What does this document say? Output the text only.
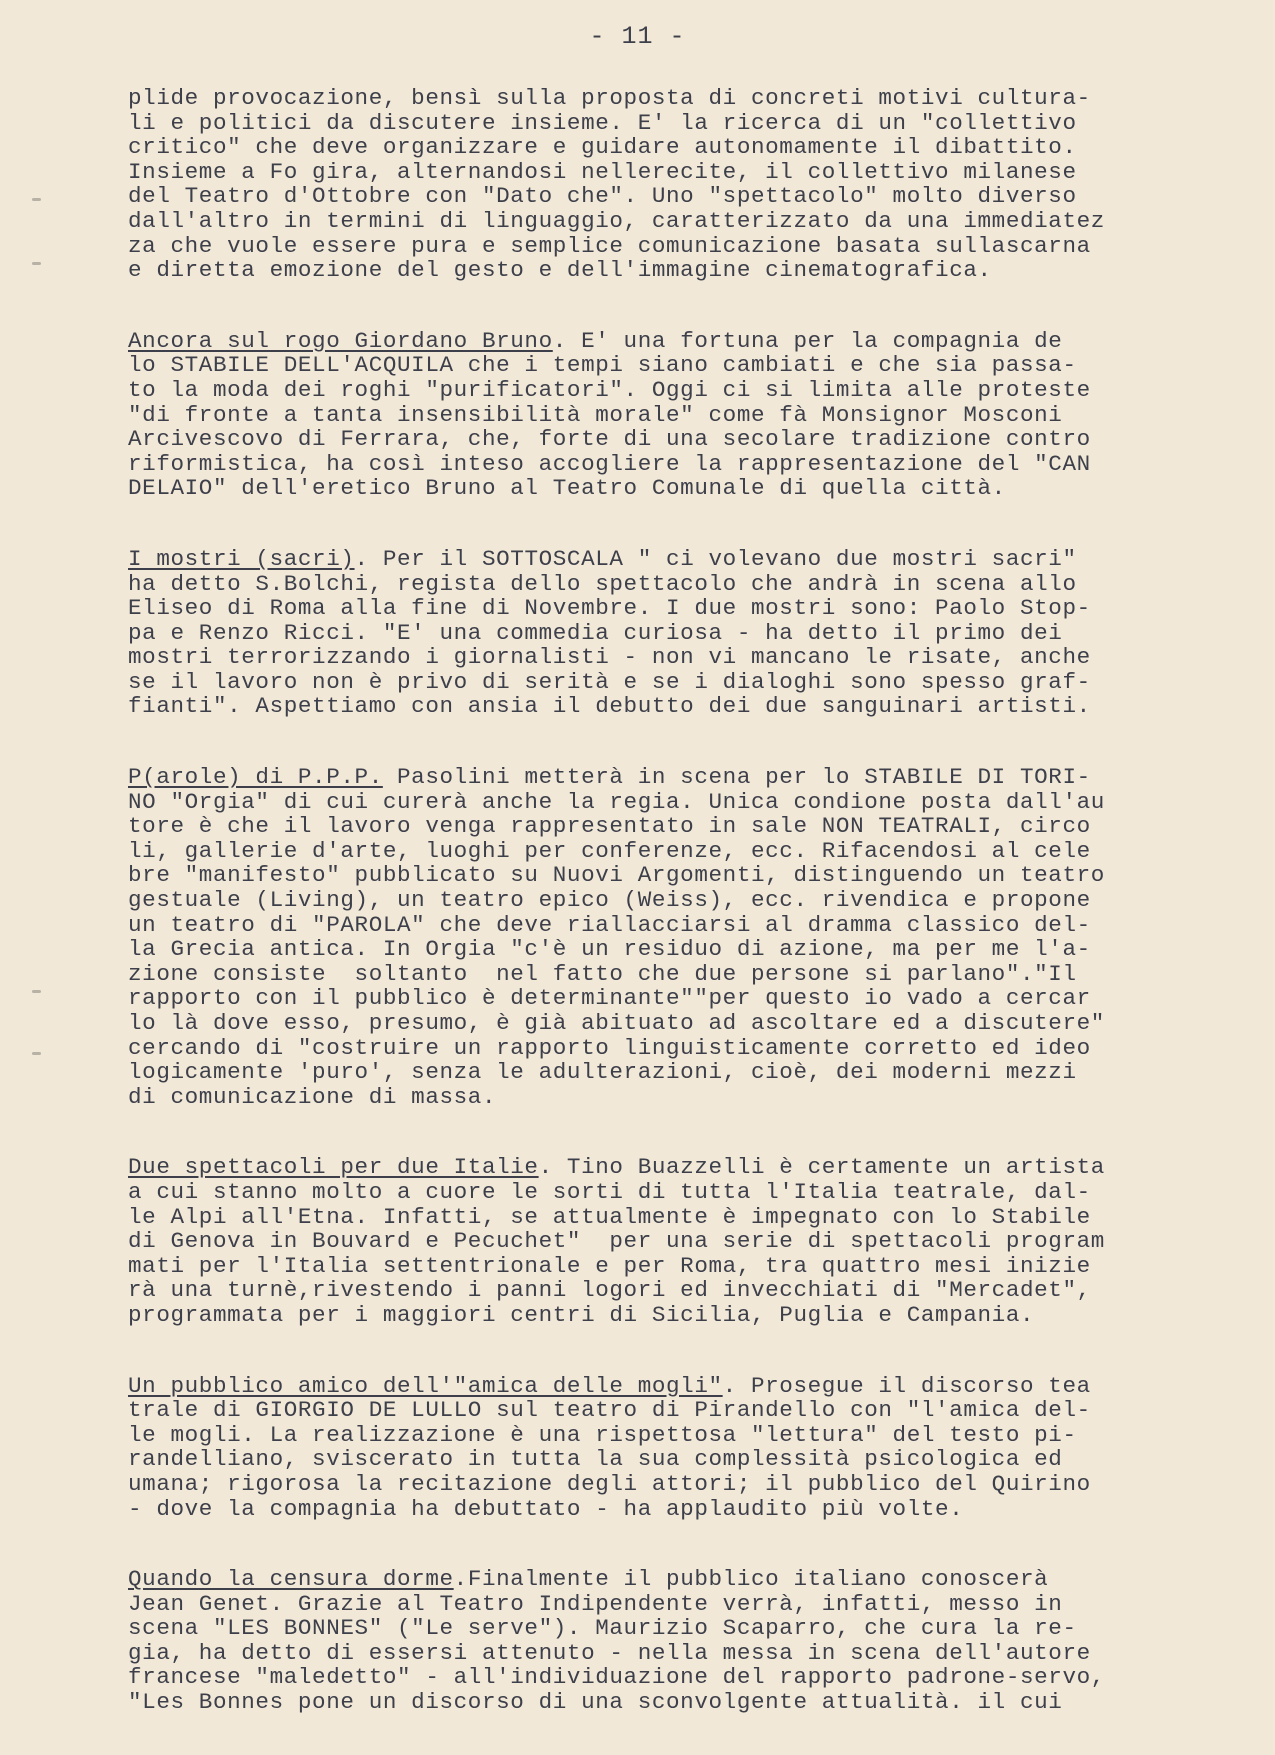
- 11 -
plide provocazione, bensì sulla proposta di concreti motivi cultura-
li e politici da discutere insieme. E' la ricerca di un "collettivo
critico" che deve organizzare e guidare autonomamente il dibattito.
Insieme a Fo gira, alternandosi nellerecite, il collettivo milanese
del Teatro d'Ottobre con "Dato che". Uno "spettacolo" molto diverso
dall'altro in termini di linguaggio, caratterizzato da una immediatez
za che vuole essere pura e semplice comunicazione basata sullascarna
e diretta emozione del gesto e dell'immagine cinematografica.
Ancora sul rogo Giordano Bruno. E' una fortuna per la compagnia de
lo STABILE DELL'ACQUILA che i tempi siano cambiati e che sia passa-
to la moda dei roghi "purificatori". Oggi ci si limita alle proteste
"di fronte a tanta insensibilità morale" come fà Monsignor Mosconi
Arcivescovo di Ferrara, che, forte di una secolare tradizione contro
riformistica, ha così inteso accogliere la rappresentazione del "CAN
DELAIO" dell'eretico Bruno al Teatro Comunale di quella città.
I mostri (sacri). Per il SOTTOSCALA " ci volevano due mostri sacri"
ha detto S.Bolchi, regista dello spettacolo che andrà in scena allo
Eliseo di Roma alla fine di Novembre. I due mostri sono: Paolo Stop-
pa e Renzo Ricci. "E' una commedia curiosa - ha detto il primo dei
mostri terrorizzando i giornalisti - non vi mancano le risate, anche
se il lavoro non è privo di serità e se i dialoghi sono spesso graf-
fianti". Aspettiamo con ansia il debutto dei due sanguinari artisti.
P(arole) di P.P.P. Pasolini metterà in scena per lo STABILE DI TORI-
NO "Orgia" di cui curerà anche la regia. Unica condione posta dall'au
tore è che il lavoro venga rappresentato in sale NON TEATRALI, circo
li, gallerie d'arte, luoghi per conferenze, ecc. Rifacendosi al cele
bre "manifesto" pubblicato su Nuovi Argomenti, distinguendo un teatro
gestuale (Living), un teatro epico (Weiss), ecc. rivendica e propone
un teatro di "PAROLA" che deve riallacciarsi al dramma classico del-
la Grecia antica. In Orgia "c'è un residuo di azione, ma per me l'a-
zione consiste  soltanto  nel fatto che due persone si parlano"."Il
rapporto con il pubblico è determinante""per questo io vado a cercar
lo là dove esso, presumo, è già abituato ad ascoltare ed a discutere"
cercando di "costruire un rapporto linguisticamente corretto ed ideo
logicamente 'puro', senza le adulterazioni, cioè, dei moderni mezzi
di comunicazione di massa.
Due spettacoli per due Italie. Tino Buazzelli è certamente un artista
a cui stanno molto a cuore le sorti di tutta l'Italia teatrale, dal-
le Alpi all'Etna. Infatti, se attualmente è impegnato con lo Stabile
di Genova in Bouvard e Pecuchet"  per una serie di spettacoli program
mati per l'Italia settentrionale e per Roma, tra quattro mesi inizie
rà una turnè,rivestendo i panni logori ed invecchiati di "Mercadet",
programmata per i maggiori centri di Sicilia, Puglia e Campania.
Un pubblico amico dell'"amica delle mogli". Prosegue il discorso tea
trale di GIORGIO DE LULLO sul teatro di Pirandello con "l'amica del-
le mogli. La realizzazione è una rispettosa "lettura" del testo pi-
randelliano, sviscerato in tutta la sua complessità psicologica ed
umana; rigorosa la recitazione degli attori; il pubblico del Quirino
- dove la compagnia ha debuttato - ha applaudito più volte.
Quando la censura dorme.Finalmente il pubblico italiano conoscerà
Jean Genet. Grazie al Teatro Indipendente verrà, infatti, messo in
scena "LES BONNES" ("Le serve"). Maurizio Scaparro, che cura la re-
gia, ha detto di essersi attenuto - nella messa in scena dell'autore
francese "maledetto" - all'individuazione del rapporto padrone-servo,
"Les Bonnes pone un discorso di una sconvolgente attualità. il cui
